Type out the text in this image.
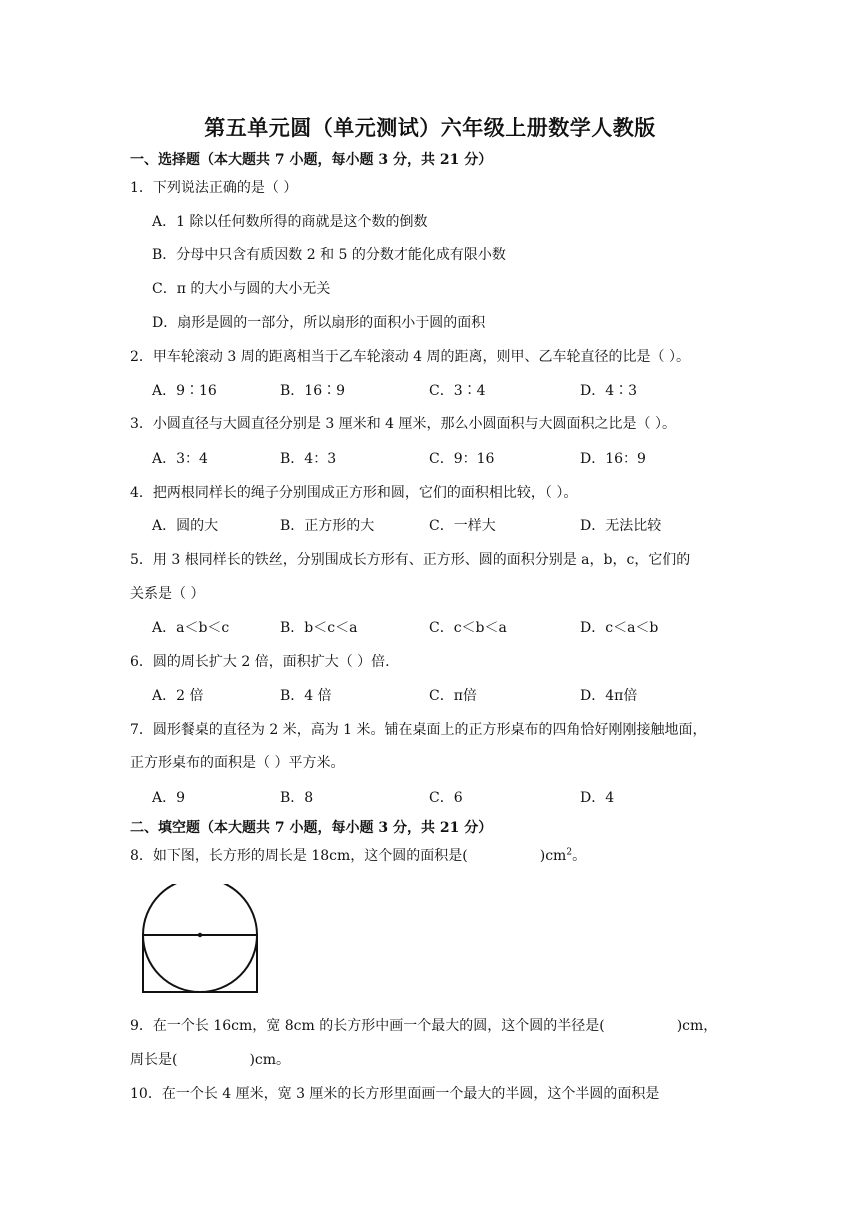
第五单元圆（单元测试）六年级上册数学人教版
一、选择题（本大题共 7 小题，每小题 3 分，共 21 分）
1．下列说法正确的是（ ）
A．1 除以任何数所得的商就是这个数的倒数
B．分母中只含有质因数 2 和 5 的分数才能化成有限小数
C．π 的大小与圆的大小无关
D．扇形是圆的一部分，所以扇形的面积小于圆的面积
2．甲车轮滚动 3 周的距离相当于乙车轮滚动 4 周的距离，则甲、乙车轮直径的比是（ ）。
A．9∶16	B．16∶9	C．3∶4	D．4∶3
3．小圆直径与大圆直径分别是 3 厘米和 4 厘米，那么小圆面积与大圆面积之比是（ ）。
A．3：4	B．4：3	C．9：16	D．16：9
4．把两根同样长的绳子分别围成正方形和圆，它们的面积相比较，（ ）。
A．圆的大	B．正方形的大	C．一样大	D．无法比较
5．用 3 根同样长的铁丝，分别围成长方形有、正方形、圆的面积分别是 a，b，c，它们的
关系是（ ）
A．a＜b＜c	B．b＜c＜a	C．c＜b＜a	D．c＜a＜b
6．圆的周长扩大 2 倍，面积扩大（ ）倍.
A．2 倍	B．4 倍	C．π倍	D．4π倍
7．圆形餐桌的直径为 2 米，高为 1 米。铺在桌面上的正方形桌布的四角恰好刚刚接触地面，
正方形桌布的面积是（ ）平方米。
A．9	B．8	C．6	D．4
二、填空题（本大题共 7 小题，每小题 3 分，共 21 分）
8．如下图，长方形的周长是 18cm，这个圆的面积是(	)$cm^2$。
9．在一个长 16cm，宽 8cm 的长方形中画一个最大的圆，这个圆的半径是(	)cm，
周长是(	)cm。
10．在一个长 4 厘米，宽 3 厘米的长方形里面画一个最大的半圆，这个半圆的面积是
